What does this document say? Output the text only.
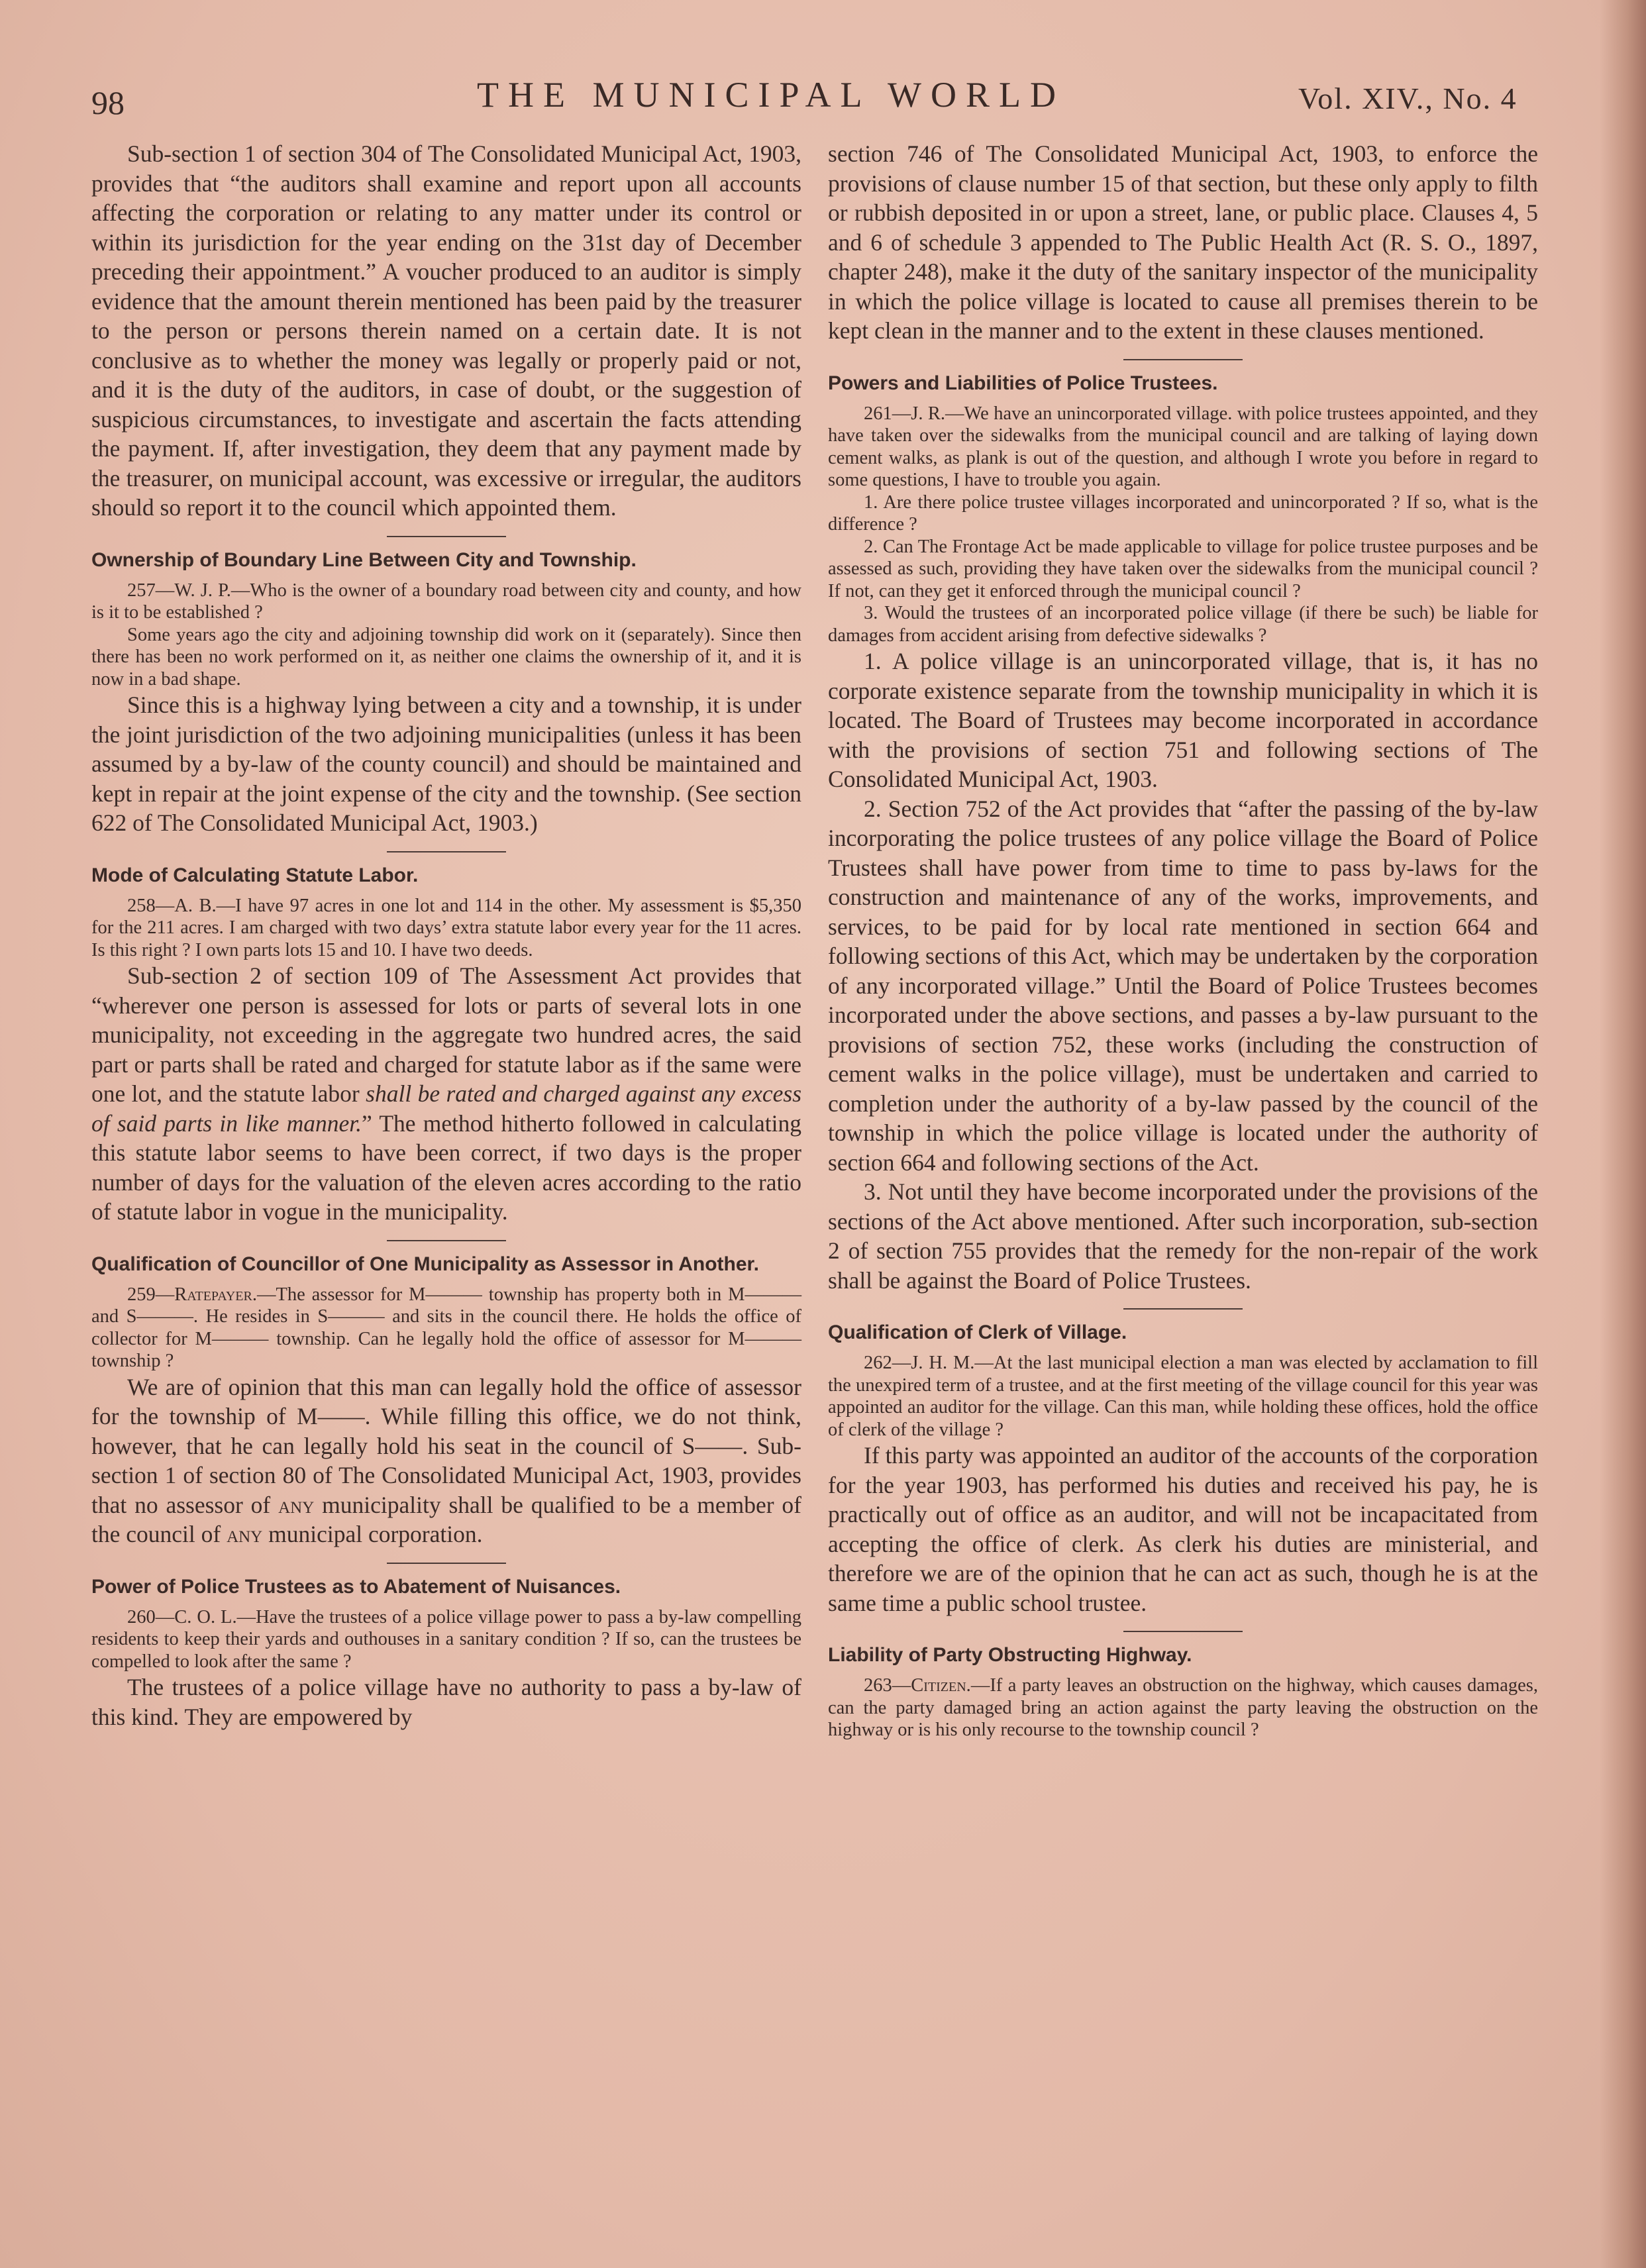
98	THE MUNICIPAL WORLD	Vol. XIV., No. 4

Sub-section 1 of section 304 of The Consolidated Municipal Act, 1903, provides that “the auditors shall examine and report upon all accounts affecting the corporation or relating to any matter under its control or within its jurisdiction for the year ending on the 31st day of December preceding their appointment.” A voucher produced to an auditor is simply evidence that the amount therein mentioned has been paid by the treasurer to the person or persons therein named on a certain date. It is not conclusive as to whether the money was legally or properly paid or not, and it is the duty of the auditors, in case of doubt, or the suggestion of suspicious circumstances, to investigate and ascertain the facts attending the payment. If, after investigation, they deem that any payment made by the treasurer, on municipal account, was excessive or irregular, the auditors should so report it to the council which appointed them.

Ownership of Boundary Line Between City and Township.

257—W. J. P.—Who is the owner of a boundary road between city and county, and how is it to be established ?

Some years ago the city and adjoining township did work on it (separately). Since then there has been no work performed on it, as neither one claims the ownership of it, and it is now in a bad shape.

Since this is a highway lying between a city and a township, it is under the joint jurisdiction of the two adjoining municipalities (unless it has been assumed by a by-law of the county council) and should be maintained and kept in repair at the joint expense of the city and the township. (See section 622 of The Consolidated Municipal Act, 1903.)

Mode of Calculating Statute Labor.

258—A. B.—I have 97 acres in one lot and 114 in the other. My assessment is $5,350 for the 211 acres. I am charged with two days’ extra statute labor every year for the 11 acres. Is this right ? I own parts lots 15 and 10. I have two deeds.

Sub-section 2 of section 109 of The Assessment Act provides that “wherever one person is assessed for lots or parts of several lots in one municipality, not exceeding in the aggregate two hundred acres, the said part or parts shall be rated and charged for statute labor as if the same were one lot, and the statute labor shall be rated and charged against any excess of said parts in like manner.” The method hitherto followed in calculating this statute labor seems to have been correct, if two days is the proper number of days for the valuation of the eleven acres according to the ratio of statute labor in vogue in the municipality.

Qualification of Councillor of One Municipality as Assessor in Another.

259—Ratepayer.—The assessor for M——— township has property both in M——— and S———. He resides in S——— and sits in the council there. He holds the office of collector for M——— township. Can he legally hold the office of assessor for M——— township ?

We are of opinion that this man can legally hold the office of assessor for the township of M——. While filling this office, we do not think, however, that he can legally hold his seat in the council of S——. Sub-section 1 of section 80 of The Consolidated Municipal Act, 1903, provides that no assessor of any municipality shall be qualified to be a member of the council of any municipal corporation.

Power of Police Trustees as to Abatement of Nuisances.

260—C. O. L.—Have the trustees of a police village power to pass a by-law compelling residents to keep their yards and outhouses in a sanitary condition ? If so, can the trustees be compelled to look after the same ?

The trustees of a police village have no authority to pass a by-law of this kind. They are empowered by

section 746 of The Consolidated Municipal Act, 1903, to enforce the provisions of clause number 15 of that section, but these only apply to filth or rubbish deposited in or upon a street, lane, or public place. Clauses 4, 5 and 6 of schedule 3 appended to The Public Health Act (R. S. O., 1897, chapter 248), make it the duty of the sanitary inspector of the municipality in which the police village is located to cause all premises therein to be kept clean in the manner and to the extent in these clauses mentioned.

Powers and Liabilities of Police Trustees.

261—J. R.—We have an unincorporated village. with police trustees appointed, and they have taken over the sidewalks from the municipal council and are talking of laying down cement walks, as plank is out of the question, and although I wrote you before in regard to some questions, I have to trouble you again.

1. Are there police trustee villages incorporated and unincorporated ? If so, what is the difference ?

2. Can The Frontage Act be made applicable to village for police trustee purposes and be assessed as such, providing they have taken over the sidewalks from the municipal council ? If not, can they get it enforced through the municipal council ?

3. Would the trustees of an incorporated police village (if there be such) be liable for damages from accident arising from defective sidewalks ?

1. A police village is an unincorporated village, that is, it has no corporate existence separate from the township municipality in which it is located. The Board of Trustees may become incorporated in accordance with the provisions of section 751 and following sections of The Consolidated Municipal Act, 1903.

2. Section 752 of the Act provides that “after the passing of the by-law incorporating the police trustees of any police village the Board of Police Trustees shall have power from time to time to pass by-laws for the construction and maintenance of any of the works, improvements, and services, to be paid for by local rate mentioned in section 664 and following sections of this Act, which may be undertaken by the corporation of any incorporated village.” Until the Board of Police Trustees becomes incorporated under the above sections, and passes a by-law pursuant to the provisions of section 752, these works (including the construction of cement walks in the police village), must be undertaken and carried to completion under the authority of a by-law passed by the council of the township in which the police village is located under the authority of section 664 and following sections of the Act.

3. Not until they have become incorporated under the provisions of the sections of the Act above mentioned. After such incorporation, sub-section 2 of section 755 provides that the remedy for the non-repair of the work shall be against the Board of Police Trustees.

Qualification of Clerk of Village.

262—J. H. M.—At the last municipal election a man was elected by acclamation to fill the unexpired term of a trustee, and at the first meeting of the village council for this year was appointed an auditor for the village. Can this man, while holding these offices, hold the office of clerk of the village ?

If this party was appointed an auditor of the accounts of the corporation for the year 1903, has performed his duties and received his pay, he is practically out of office as an auditor, and will not be incapacitated from accepting the office of clerk. As clerk his duties are ministerial, and therefore we are of the opinion that he can act as such, though he is at the same time a public school trustee.

Liability of Party Obstructing Highway.

263—Citizen.—If a party leaves an obstruction on the highway, which causes damages, can the party damaged bring an action against the party leaving the obstruction on the highway or is his only recourse to the township council ?
